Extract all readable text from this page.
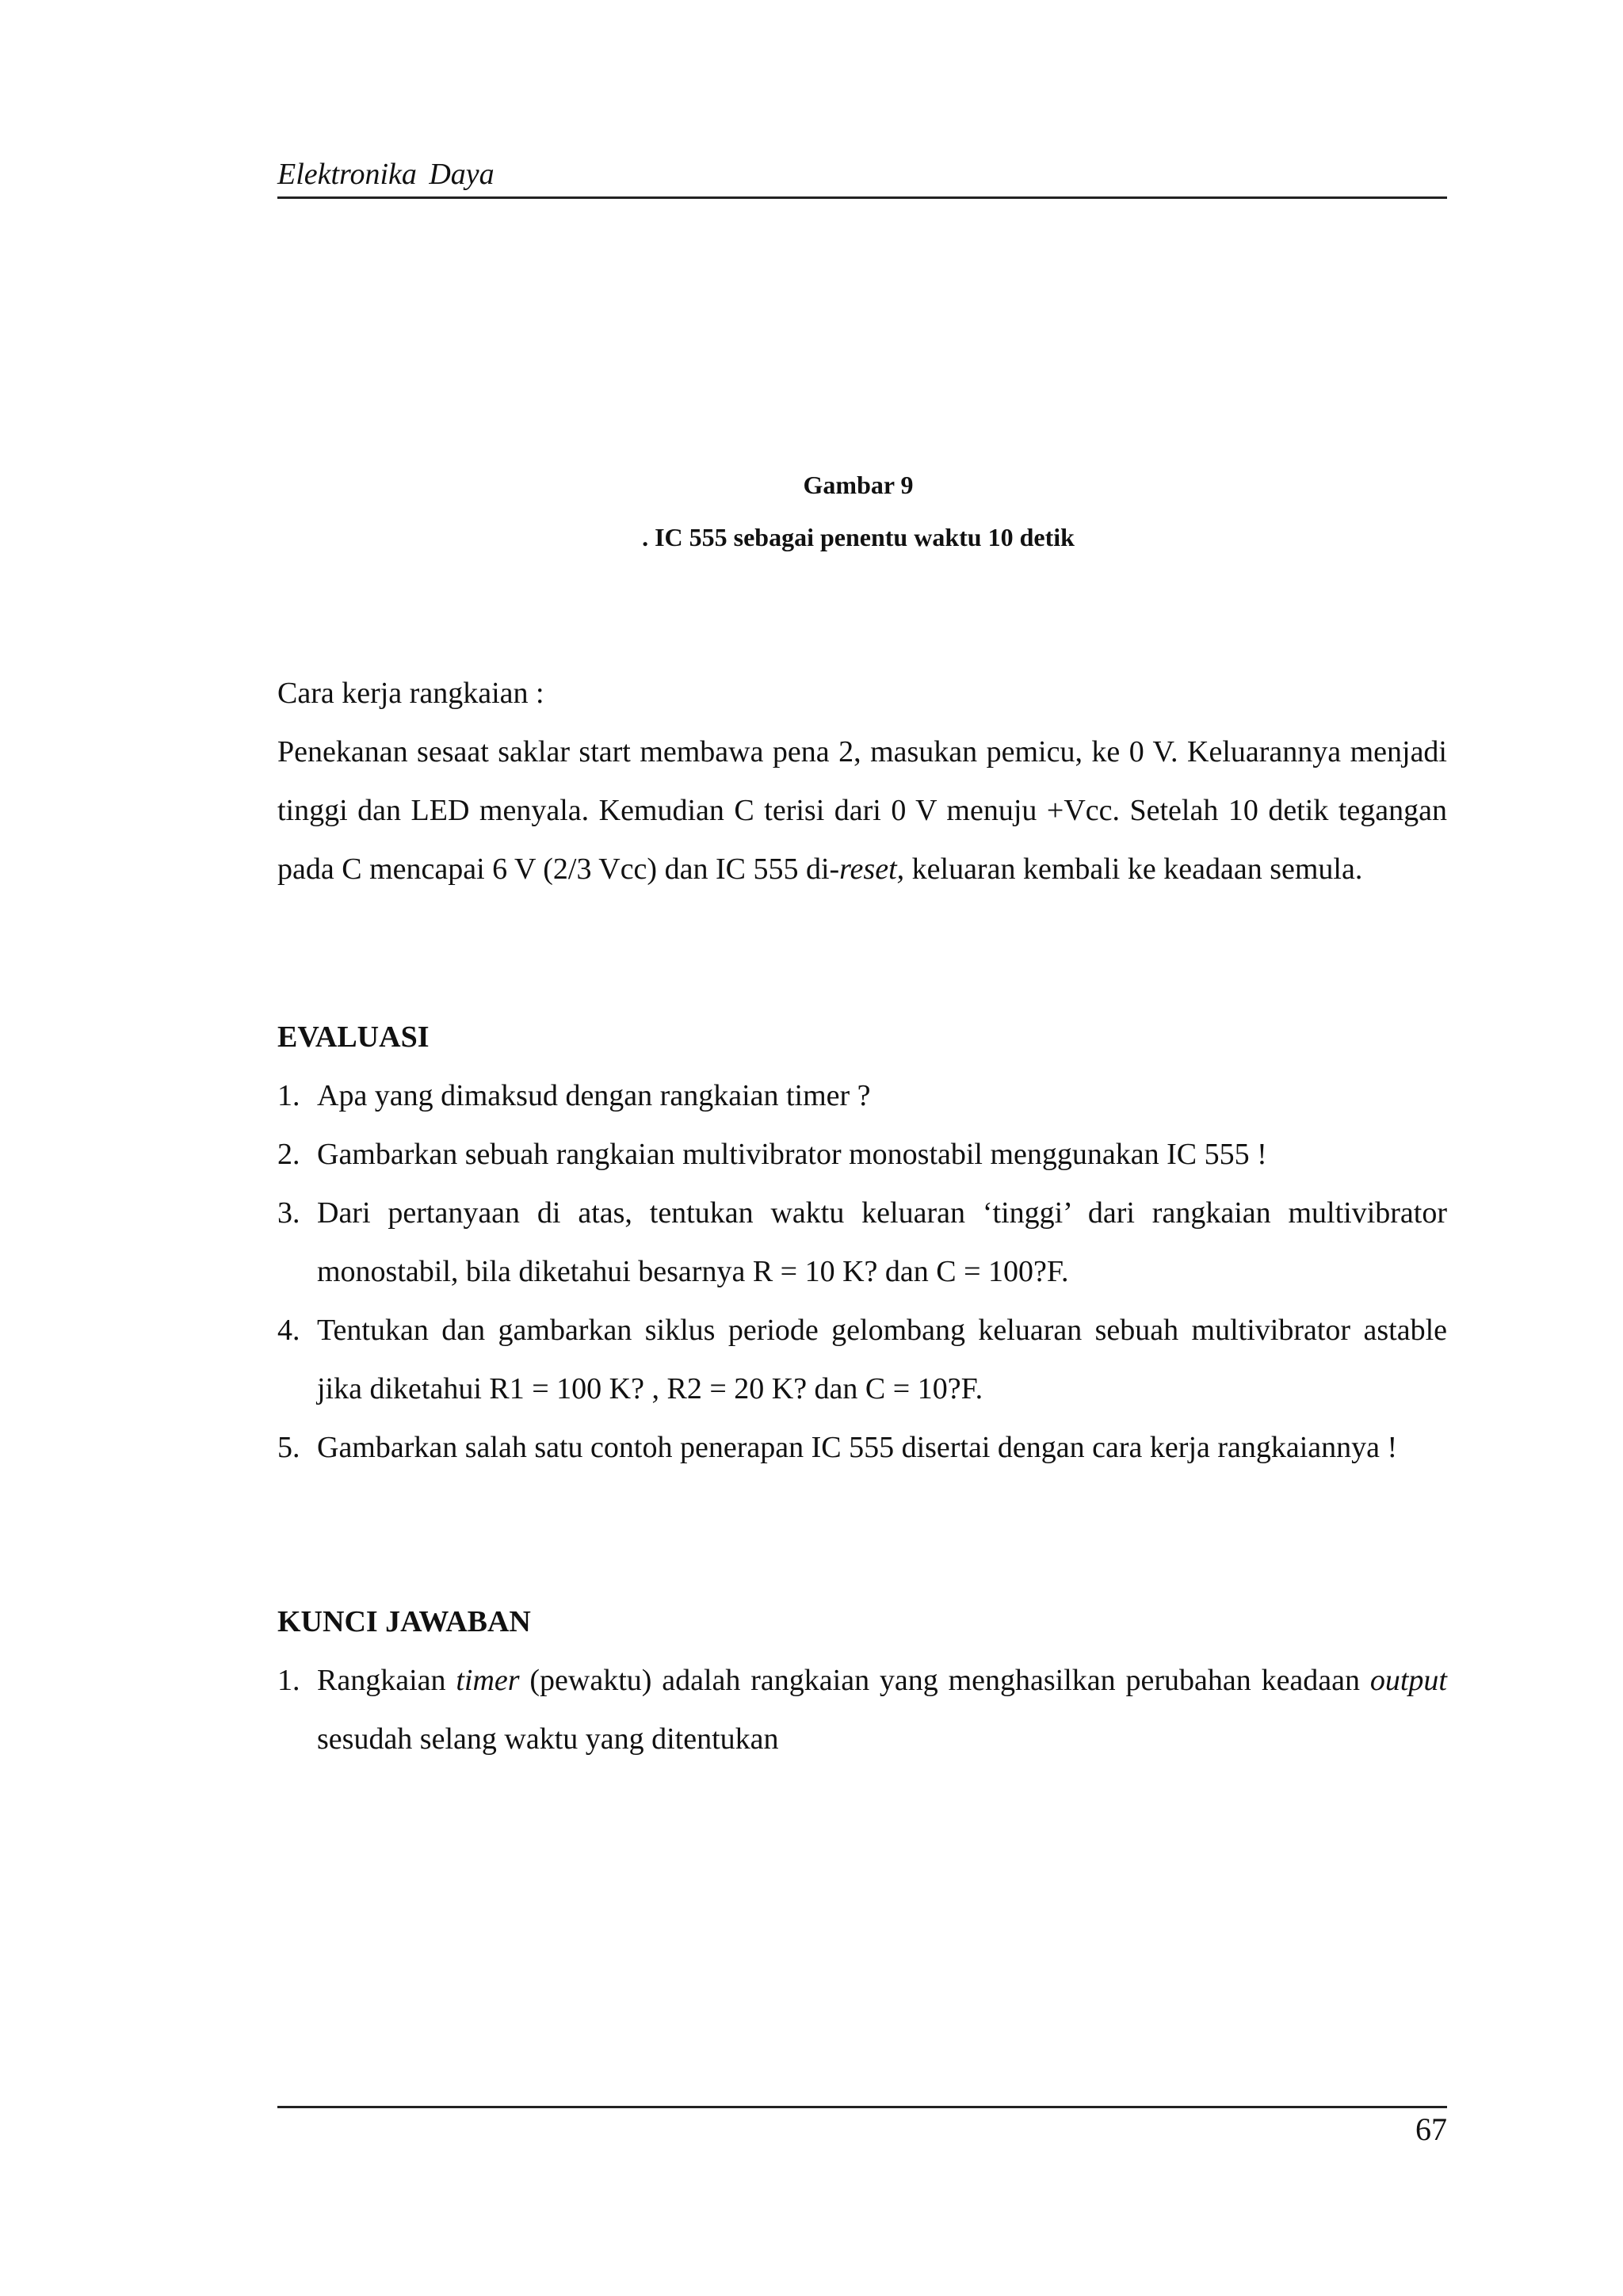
Elektronika Daya
Gambar 9
. IC 555 sebagai penentu waktu 10 detik

Cara kerja rangkaian :

Penekanan sesaat saklar start membawa pena 2, masukan pemicu, ke 0 V. Keluarannya menjadi tinggi dan LED menyala. Kemudian C terisi dari 0 V menuju +Vcc. Setelah 10 detik tegangan pada C mencapai 6 V (2/3 Vcc) dan IC 555 di-reset, keluaran kembali ke keadaan semula.

EVALUASI

1. Apa yang dimaksud dengan rangkaian timer ?
2. Gambarkan sebuah rangkaian multivibrator monostabil menggunakan IC 555 !
3. Dari pertanyaan di atas, tentukan waktu keluaran ‘tinggi’ dari rangkaian multivibrator monostabil, bila diketahui besarnya R = 10 K? dan C = 100?F.
4. Tentukan dan gambarkan siklus periode gelombang keluaran sebuah multivibrator astable jika diketahui R1 = 100 K? , R2 = 20 K? dan C = 10?F.
5. Gambarkan salah satu contoh penerapan IC 555 disertai dengan cara kerja rangkaiannya !

KUNCI JAWABAN

1. Rangkaian timer (pewaktu) adalah rangkaian yang menghasilkan perubahan keadaan output sesudah selang waktu yang ditentukan
67
